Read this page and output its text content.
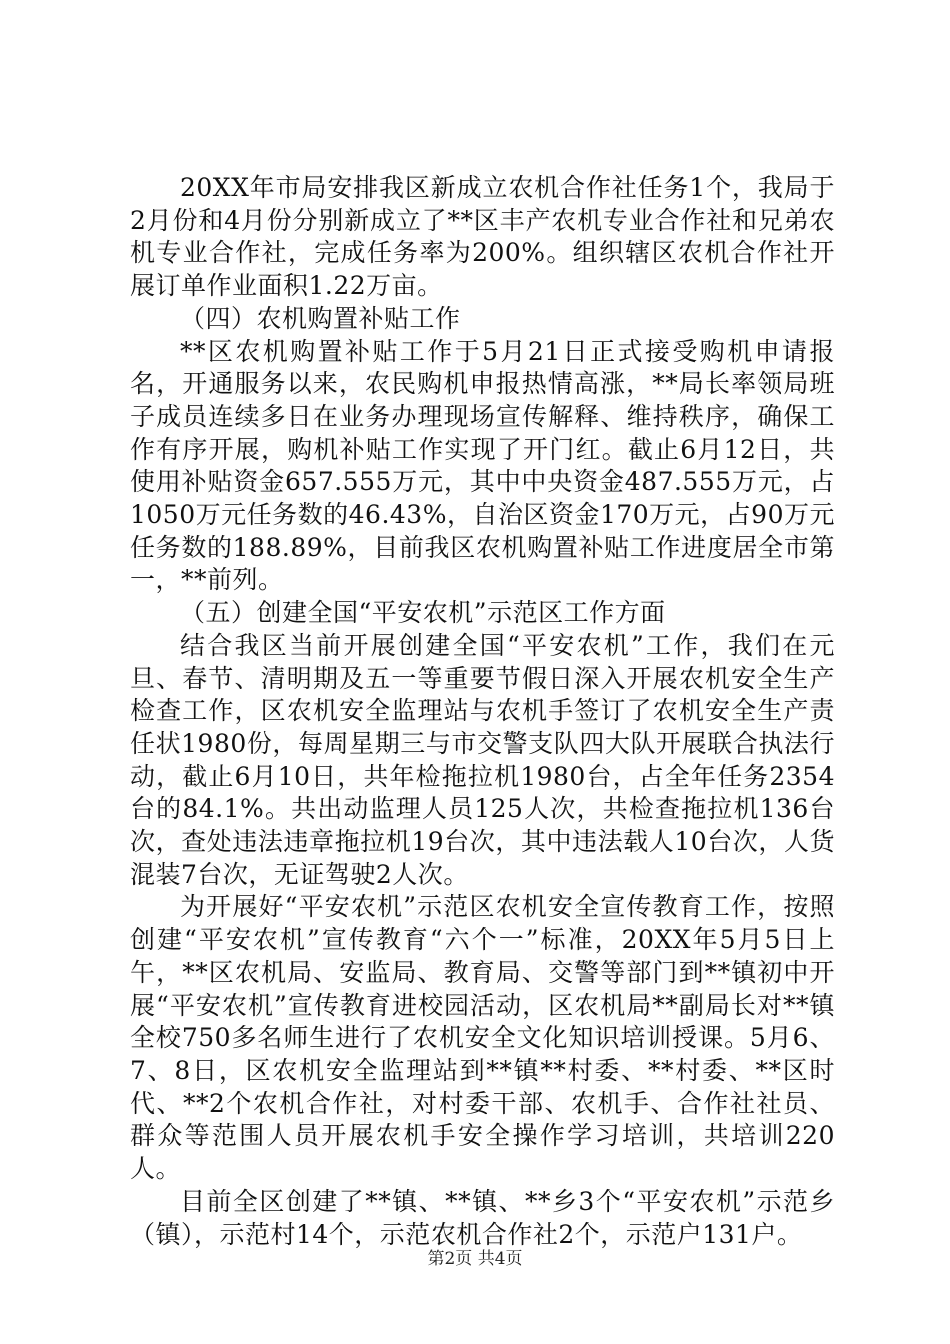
20XX年市局安排我区新成立农机合作社任务1个，我局于2月份和4月份分别新成立了**区丰产农机专业合作社和兄弟农机专业合作社，完成任务率为200%。组织辖区农机合作社开展订单作业面积1.22万亩。

（四）农机购置补贴工作

**区农机购置补贴工作于5月21日正式接受购机申请报名，开通服务以来，农民购机申报热情高涨，**局长率领局班子成员连续多日在业务办理现场宣传解释、维持秩序，确保工作有序开展，购机补贴工作实现了开门红。截止6月12日，共使用补贴资金657.555万元，其中中央资金487.555万元，占1050万元任务数的46.43%，自治区资金170万元，占90万元任务数的188.89%，目前我区农机购置补贴工作进度居全市第一，**前列。

（五）创建全国“平安农机”示范区工作方面

结合我区当前开展创建全国“平安农机”工作，我们在元旦、春节、清明期及五一等重要节假日深入开展农机安全生产检查工作，区农机安全监理站与农机手签订了农机安全生产责任状1980份，每周星期三与市交警支队四大队开展联合执法行动，截止6月10日，共年检拖拉机1980台，占全年任务2354台的84.1%。共出动监理人员125人次，共检查拖拉机136台次，查处违法违章拖拉机19台次，其中违法载人10台次，人货混装7台次，无证驾驶2人次。

为开展好“平安农机”示范区农机安全宣传教育工作，按照创建“平安农机”宣传教育“六个一”标准，20XX年5月5日上午，**区农机局、安监局、教育局、交警等部门到**镇初中开展“平安农机”宣传教育进校园活动，区农机局**副局长对**镇全校750多名师生进行了农机安全文化知识培训授课。5月6、7、8日，区农机安全监理站到**镇**村委、**村委、**区时代、**2个农机合作社，对村委干部、农机手、合作社社员、群众等范围人员开展农机手安全操作学习培训，共培训220人。

目前全区创建了**镇、**镇、**乡3个“平安农机”示范乡（镇），示范村14个，示范农机合作社2个，示范户131户。

第2页 共4页
